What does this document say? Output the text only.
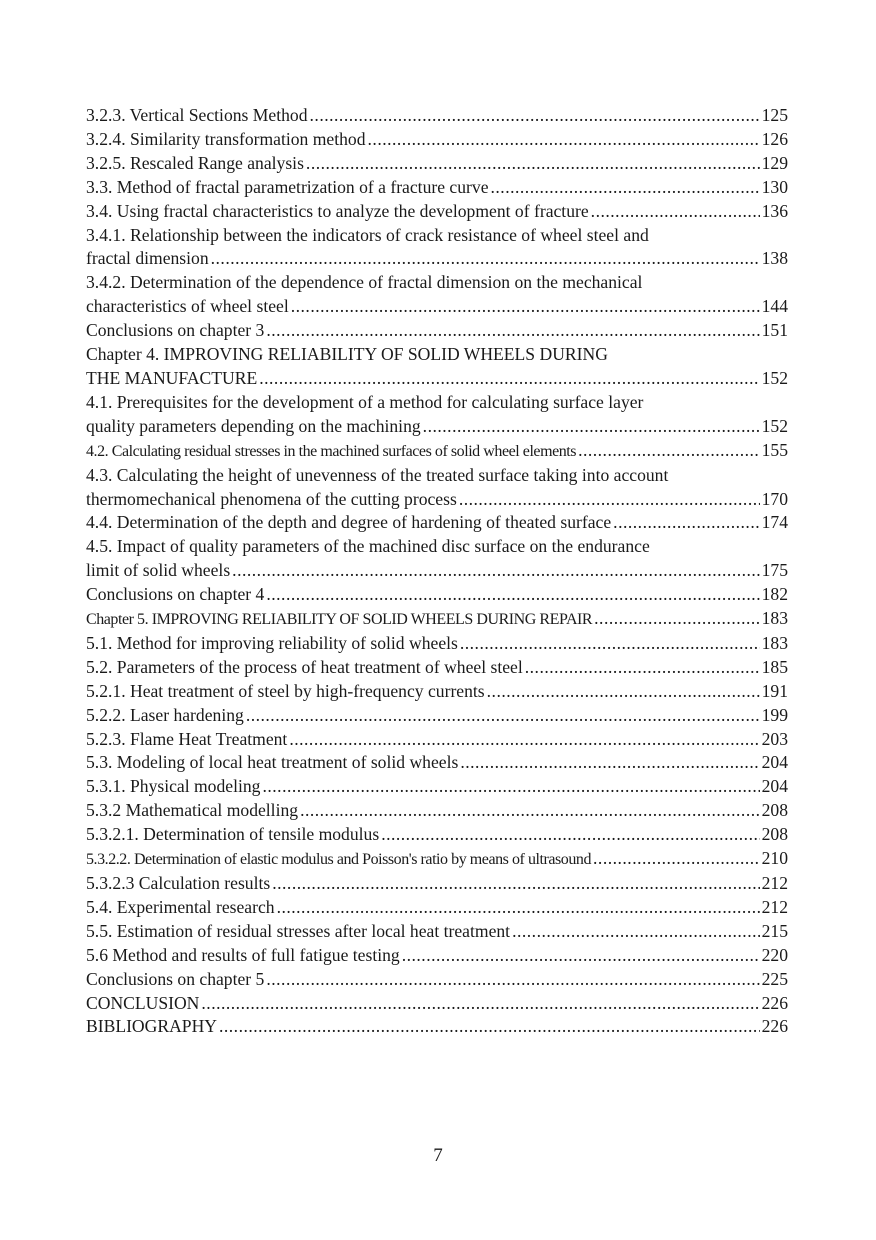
3.2.3. Vertical Sections Method .....	125
3.2.4. Similarity transformation method .....	126
3.2.5. Rescaled Range analysis .....	129
3.3. Method of fractal parametrization of a fracture curve .....	130
3.4. Using fractal characteristics to analyze the development of fracture .....	136
3.4.1. Relationship between the indicators of crack resistance of wheel steel and
fractal dimension .....	138
3.4.2. Determination of the dependence of fractal dimension on the mechanical
characteristics of wheel steel .....	144
Conclusions on chapter 3 .....	151
Chapter 4. IMPROVING RELIABILITY OF SOLID WHEELS DURING
THE MANUFACTURE .....	152

4.1. Prerequisites for the development of a method for calculating surface layer

quality parameters depending on the machining .....	152
4.2. Calculating residual stresses in the machined surfaces of solid wheel elements .....	155

4.3. Calculating the height of unevenness of the treated surface taking into account

thermomechanical phenomena of the cutting process .....	170
4.4. Determination of the depth and degree of hardening of theated surface .....	174

4.5. Impact of quality parameters of the machined disc surface on the endurance

limit of solid wheels .....	175
Conclusions on chapter 4 .....	182
Chapter 5. IMPROVING RELIABILITY OF SOLID WHEELS DURING REPAIR .....	183
5.1. Method for improving reliability of solid wheels .....	183
5.2. Parameters of the process of heat treatment of wheel steel .....	185
5.2.1. Heat treatment of steel by high-frequency currents .....	191
5.2.2. Laser hardening .....	199
5.2.3. Flame Heat Treatment .....	203
5.3. Modeling of local heat treatment of solid wheels .....	204
5.3.1. Physical modeling .....	204
5.3.2 Mathematical modelling .....	208
5.3.2.1. Determination of tensile modulus .....	208
5.3.2.2. Determination of elastic modulus and Poisson's ratio by means of ultrasound .....	210
5.3.2.3 Calculation results .....	212
5.4. Experimental research .....	212
5.5. Estimation of residual stresses after local heat treatment .....	215
5.6 Method and results of full fatigue testing .....	220
Conclusions on chapter 5 .....	225
CONCLUSION .....	226
BIBLIOGRAPHY .....	226
7
